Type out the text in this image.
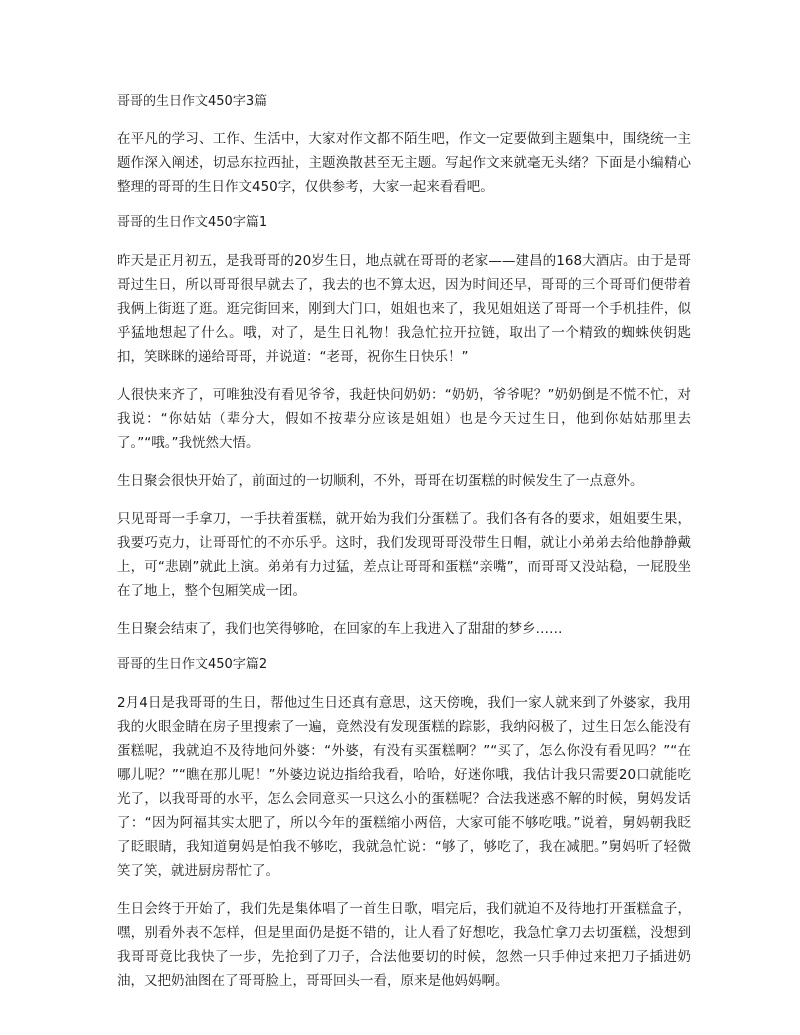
哥哥的生日作文450字3篇

在平凡的学习、工作、生活中，大家对作文都不陌生吧，作文一定要做到主题集中，围绕统一主题作深入阐述，切忌东拉西扯，主题涣散甚至无主题。写起作文来就毫无头绪？下面是小编精心整理的哥哥的生日作文450字，仅供参考，大家一起来看看吧。

哥哥的生日作文450字篇1

昨天是正月初五，是我哥哥的20岁生日，地点就在哥哥的老家——建昌的168大酒店。由于是哥哥过生日，所以哥哥很早就去了，我去的也不算太迟，因为时间还早，哥哥的三个哥哥们便带着我俩上街逛了逛。逛完街回来，刚到大门口，姐姐也来了，我见姐姐送了哥哥一个手机挂件，似乎猛地想起了什么。哦，对了，是生日礼物！我急忙拉开拉链，取出了一个精致的蜘蛛侠钥匙扣，笑眯眯的递给哥哥，并说道：“老哥，祝你生日快乐！”

人很快来齐了，可唯独没有看见爷爷，我赶快问奶奶：“奶奶，爷爷呢？”奶奶倒是不慌不忙，对我说：“你姑姑（辈分大，假如不按辈分应该是姐姐）也是今天过生日，他到你姑姑那里去了。”“哦。”我恍然大悟。

生日聚会很快开始了，前面过的一切顺利，不外，哥哥在切蛋糕的时候发生了一点意外。

只见哥哥一手拿刀，一手扶着蛋糕，就开始为我们分蛋糕了。我们各有各的要求，姐姐要生果，我要巧克力，让哥哥忙的不亦乐乎。这时，我们发现哥哥没带生日帽，就让小弟弟去给他静静戴上，可“悲剧”就此上演。弟弟有力过猛，差点让哥哥和蛋糕“亲嘴”，而哥哥又没站稳，一屁股坐在了地上，整个包厢笑成一团。

生日聚会结束了，我们也笑得够呛，在回家的车上我进入了甜甜的梦乡……

哥哥的生日作文450字篇2

2月4日是我哥哥的生日，帮他过生日还真有意思，这天傍晚，我们一家人就来到了外婆家，我用我的火眼金睛在房子里搜索了一遍，竟然没有发现蛋糕的踪影，我纳闷极了，过生日怎么能没有蛋糕呢，我就迫不及待地问外婆：“外婆，有没有买蛋糕啊？”“买了，怎么你没有看见吗？”“在哪儿呢？”“瞧在那儿呢！”外婆边说边指给我看，哈哈，好迷你哦，我估计我只需要20口就能吃光了，以我哥哥的水平，怎么会同意买一只这么小的蛋糕呢？合法我迷惑不解的时候，舅妈发话了：“因为阿福其实太肥了，所以今年的蛋糕缩小两倍，大家可能不够吃哦。”说着，舅妈朝我眨了眨眼睛，我知道舅妈是怕我不够吃，我就急忙说：“够了，够吃了，我在减肥。”舅妈听了轻微笑了笑，就进厨房帮忙了。

生日会终于开始了，我们先是集体唱了一首生日歌，唱完后，我们就迫不及待地打开蛋糕盒子，嘿，别看外表不怎样，但是里面仍是挺不错的，让人看了好想吃，我急忙拿刀去切蛋糕，没想到我哥哥竟比我快了一步，先抢到了刀子，合法他要切的时候，忽然一只手伸过来把刀子插进奶油，又把奶油图在了哥哥脸上，哥哥回头一看，原来是他妈妈啊。
